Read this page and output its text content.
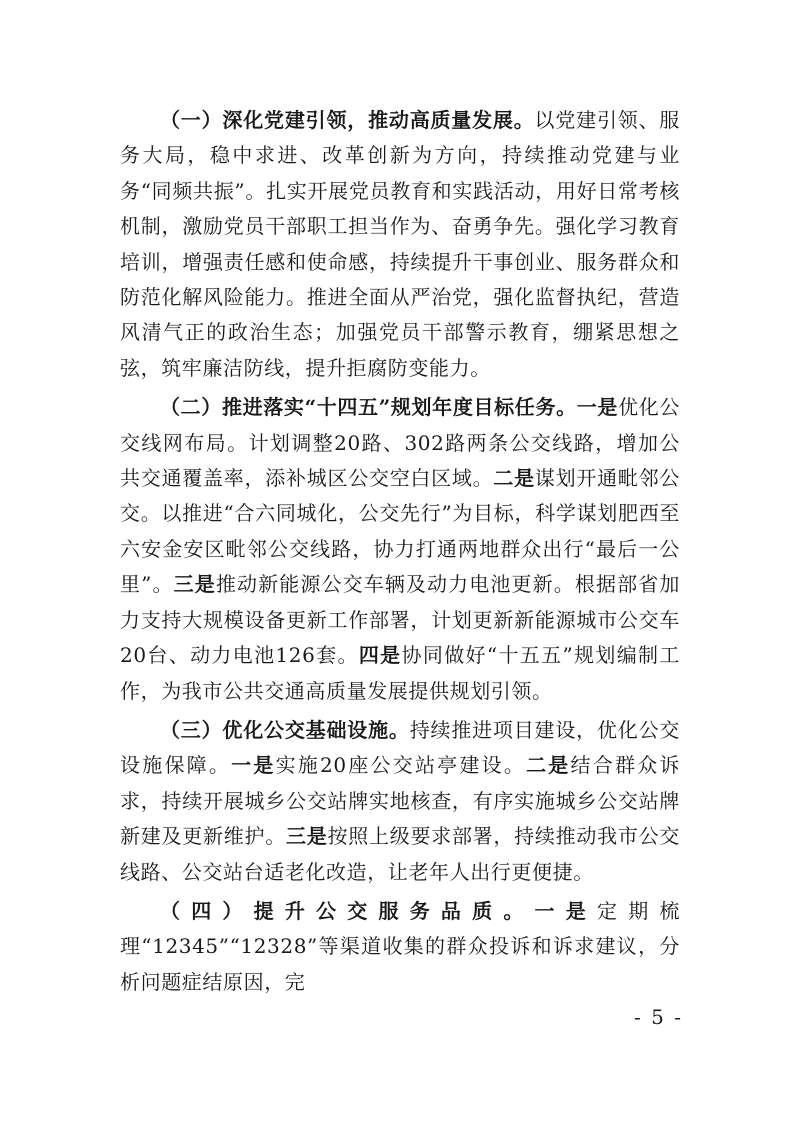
（一）深化党建引领，推动高质量发展。以党建引领、服务大局，稳中求进、改革创新为方向，持续推动党建与业务“同频共振”。扎实开展党员教育和实践活动，用好日常考核机制，激励党员干部职工担当作为、奋勇争先。强化学习教育培训，增强责任感和使命感，持续提升干事创业、服务群众和防范化解风险能力。推进全面从严治党，强化监督执纪，营造风清气正的政治生态；加强党员干部警示教育，绷紧思想之弦，筑牢廉洁防线，提升拒腐防变能力。

（二）推进落实“十四五”规划年度目标任务。一是优化公交线网布局。计划调整20路、302路两条公交线路，增加公共交通覆盖率，添补城区公交空白区域。二是谋划开通毗邻公交。以推进“合六同城化，公交先行”为目标，科学谋划肥西至六安金安区毗邻公交线路，协力打通两地群众出行“最后一公里”。三是推动新能源公交车辆及动力电池更新。根据部省加力支持大规模设备更新工作部署，计划更新新能源城市公交车20台、动力电池126套。四是协同做好“十五五”规划编制工作，为我市公共交通高质量发展提供规划引领。

（三）优化公交基础设施。持续推进项目建设，优化公交设施保障。一是实施20座公交站亭建设。二是结合群众诉求，持续开展城乡公交站牌实地核查，有序实施城乡公交站牌新建及更新维护。三是按照上级要求部署，持续推动我市公交线路、公交站台适老化改造，让老年人出行更便捷。

（四）提升公交服务品质。一是定期梳理“12345”“12328”等渠道收集的群众投诉和诉求建议，分析问题症结原因，完

- 5 -
